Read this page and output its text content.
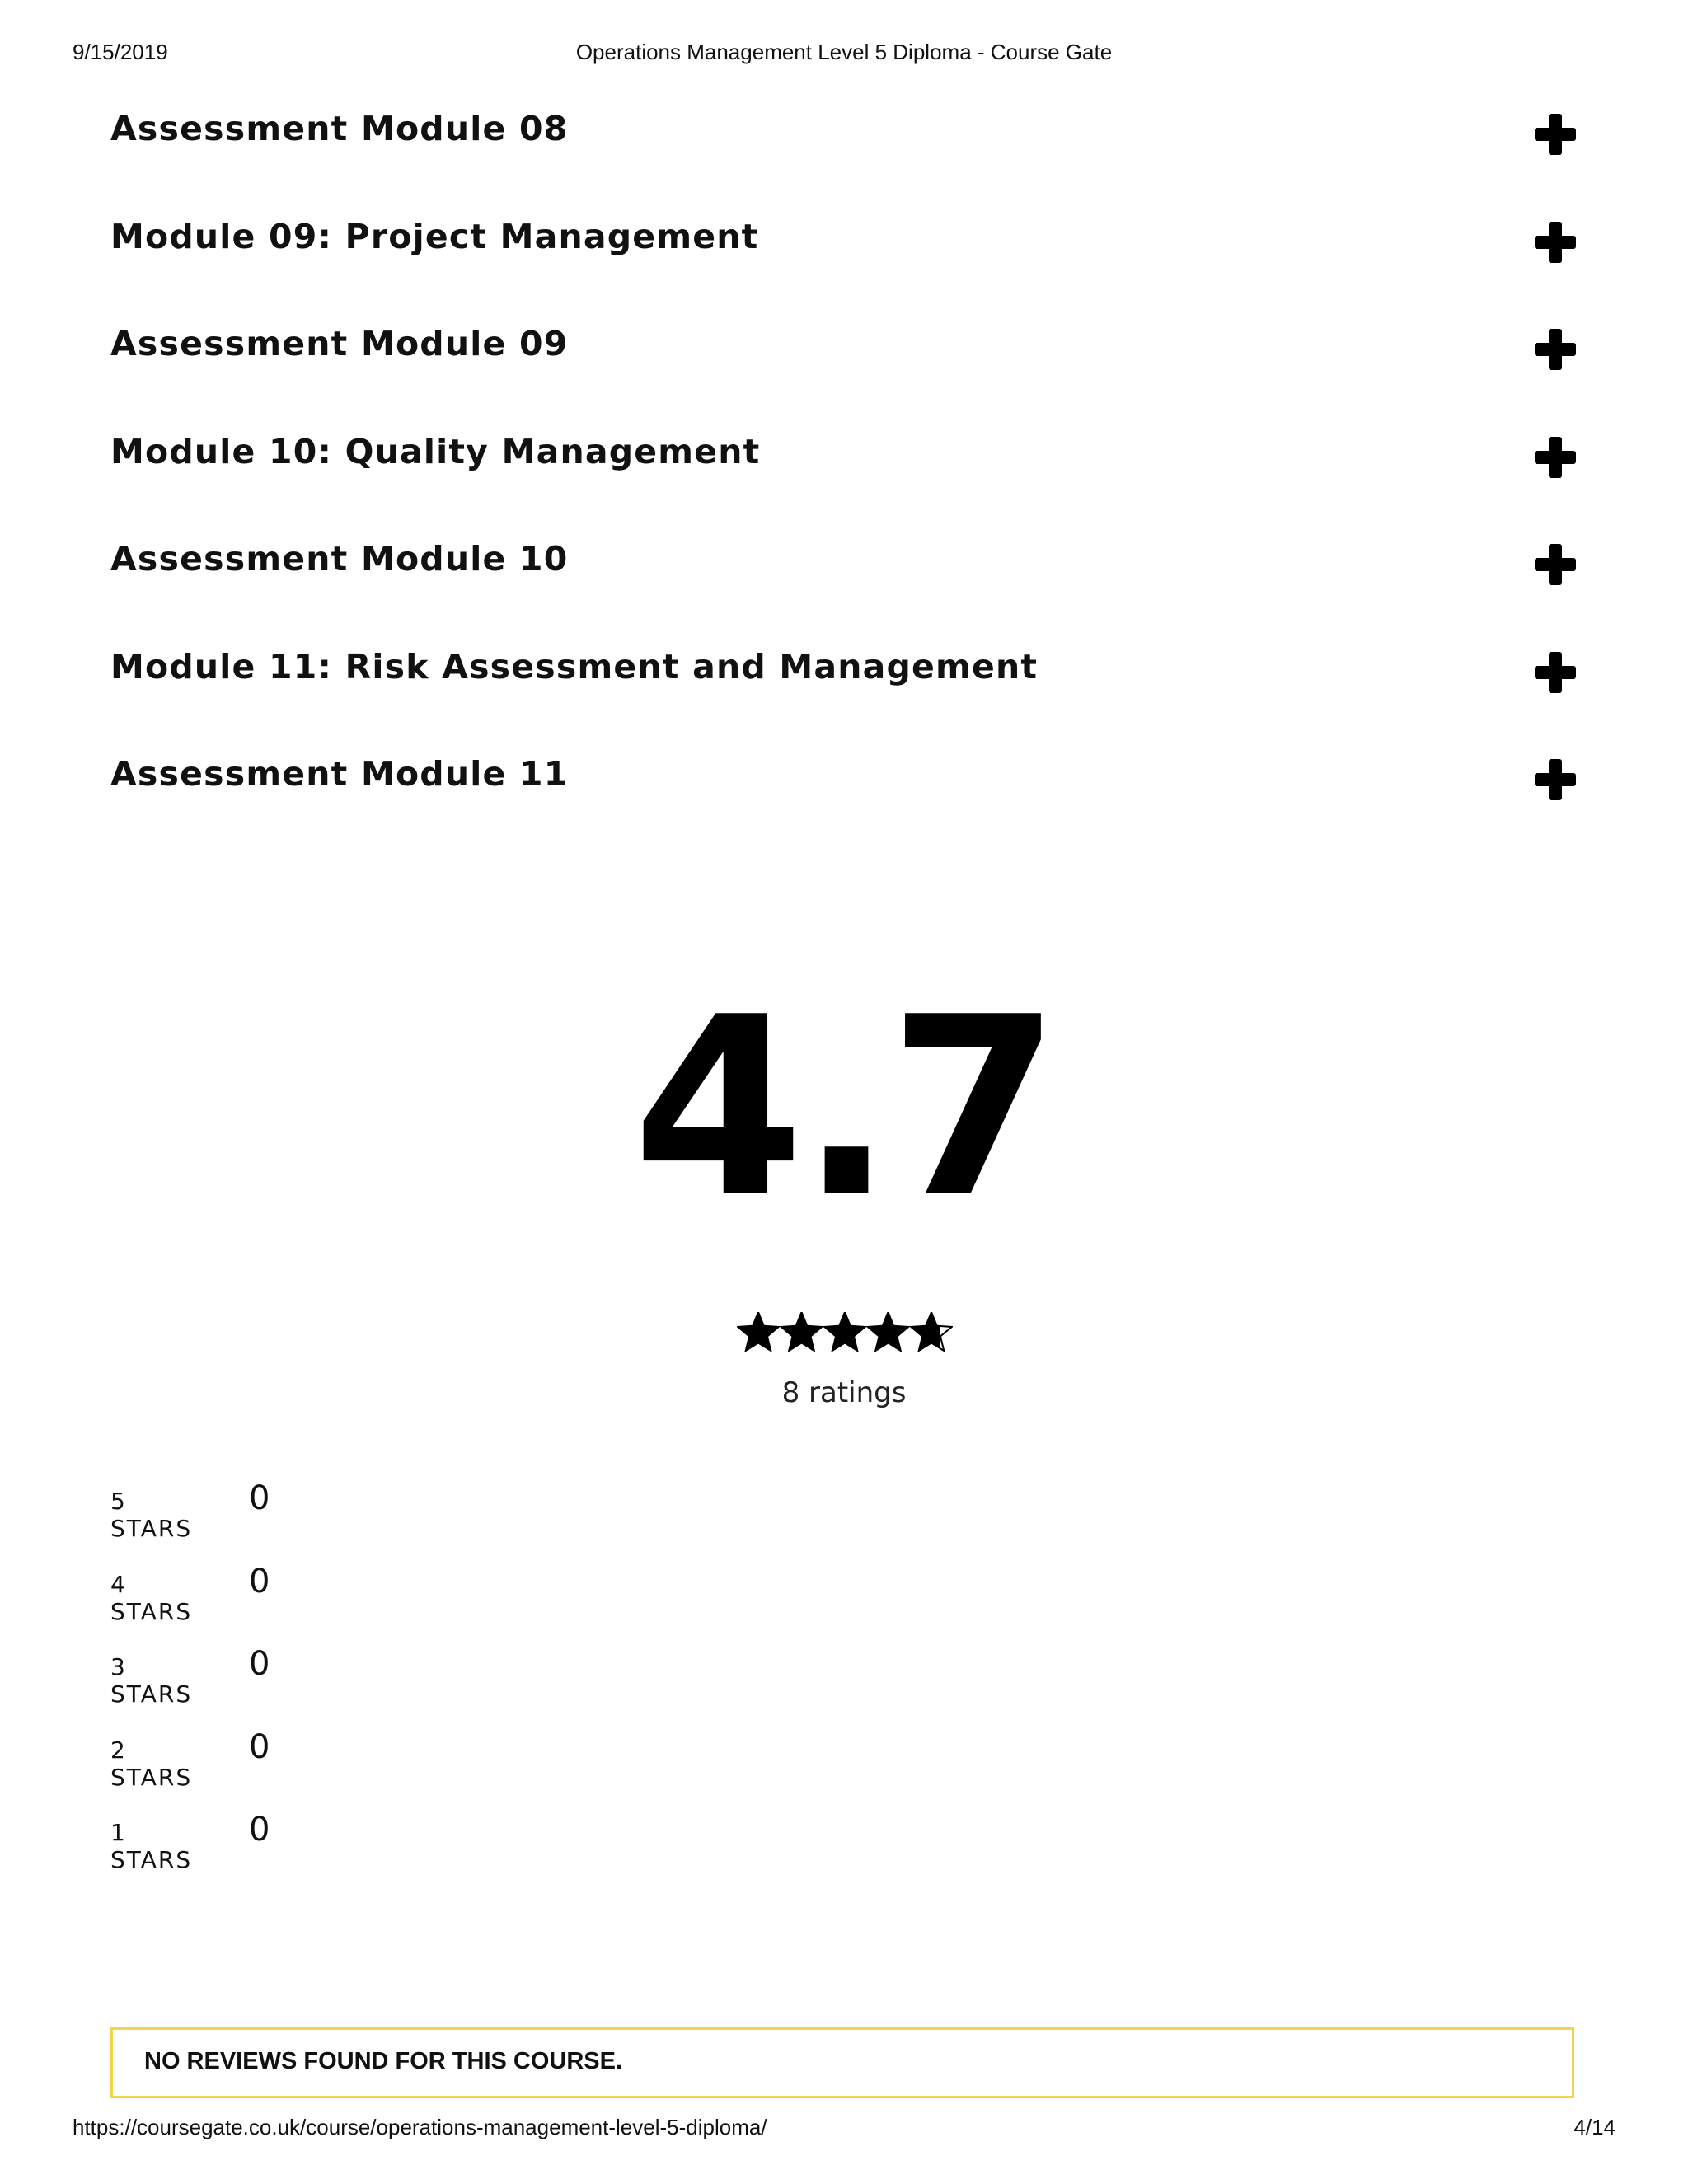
9/15/2019	Operations Management Level 5 Diploma - Course Gate
Assessment Module 08
Module 09: Project Management
Assessment Module 09
Module 10: Quality Management
Assessment Module 10
Module 11: Risk Assessment and Management
Assessment Module 11
4.7
8 ratings
5 STARS
0
4 STARS
0
3 STARS
0
2 STARS
0
1 STARS
0
NO REVIEWS FOUND FOR THIS COURSE.
https://coursegate.co.uk/course/operations-management-level-5-diploma/	4/14
